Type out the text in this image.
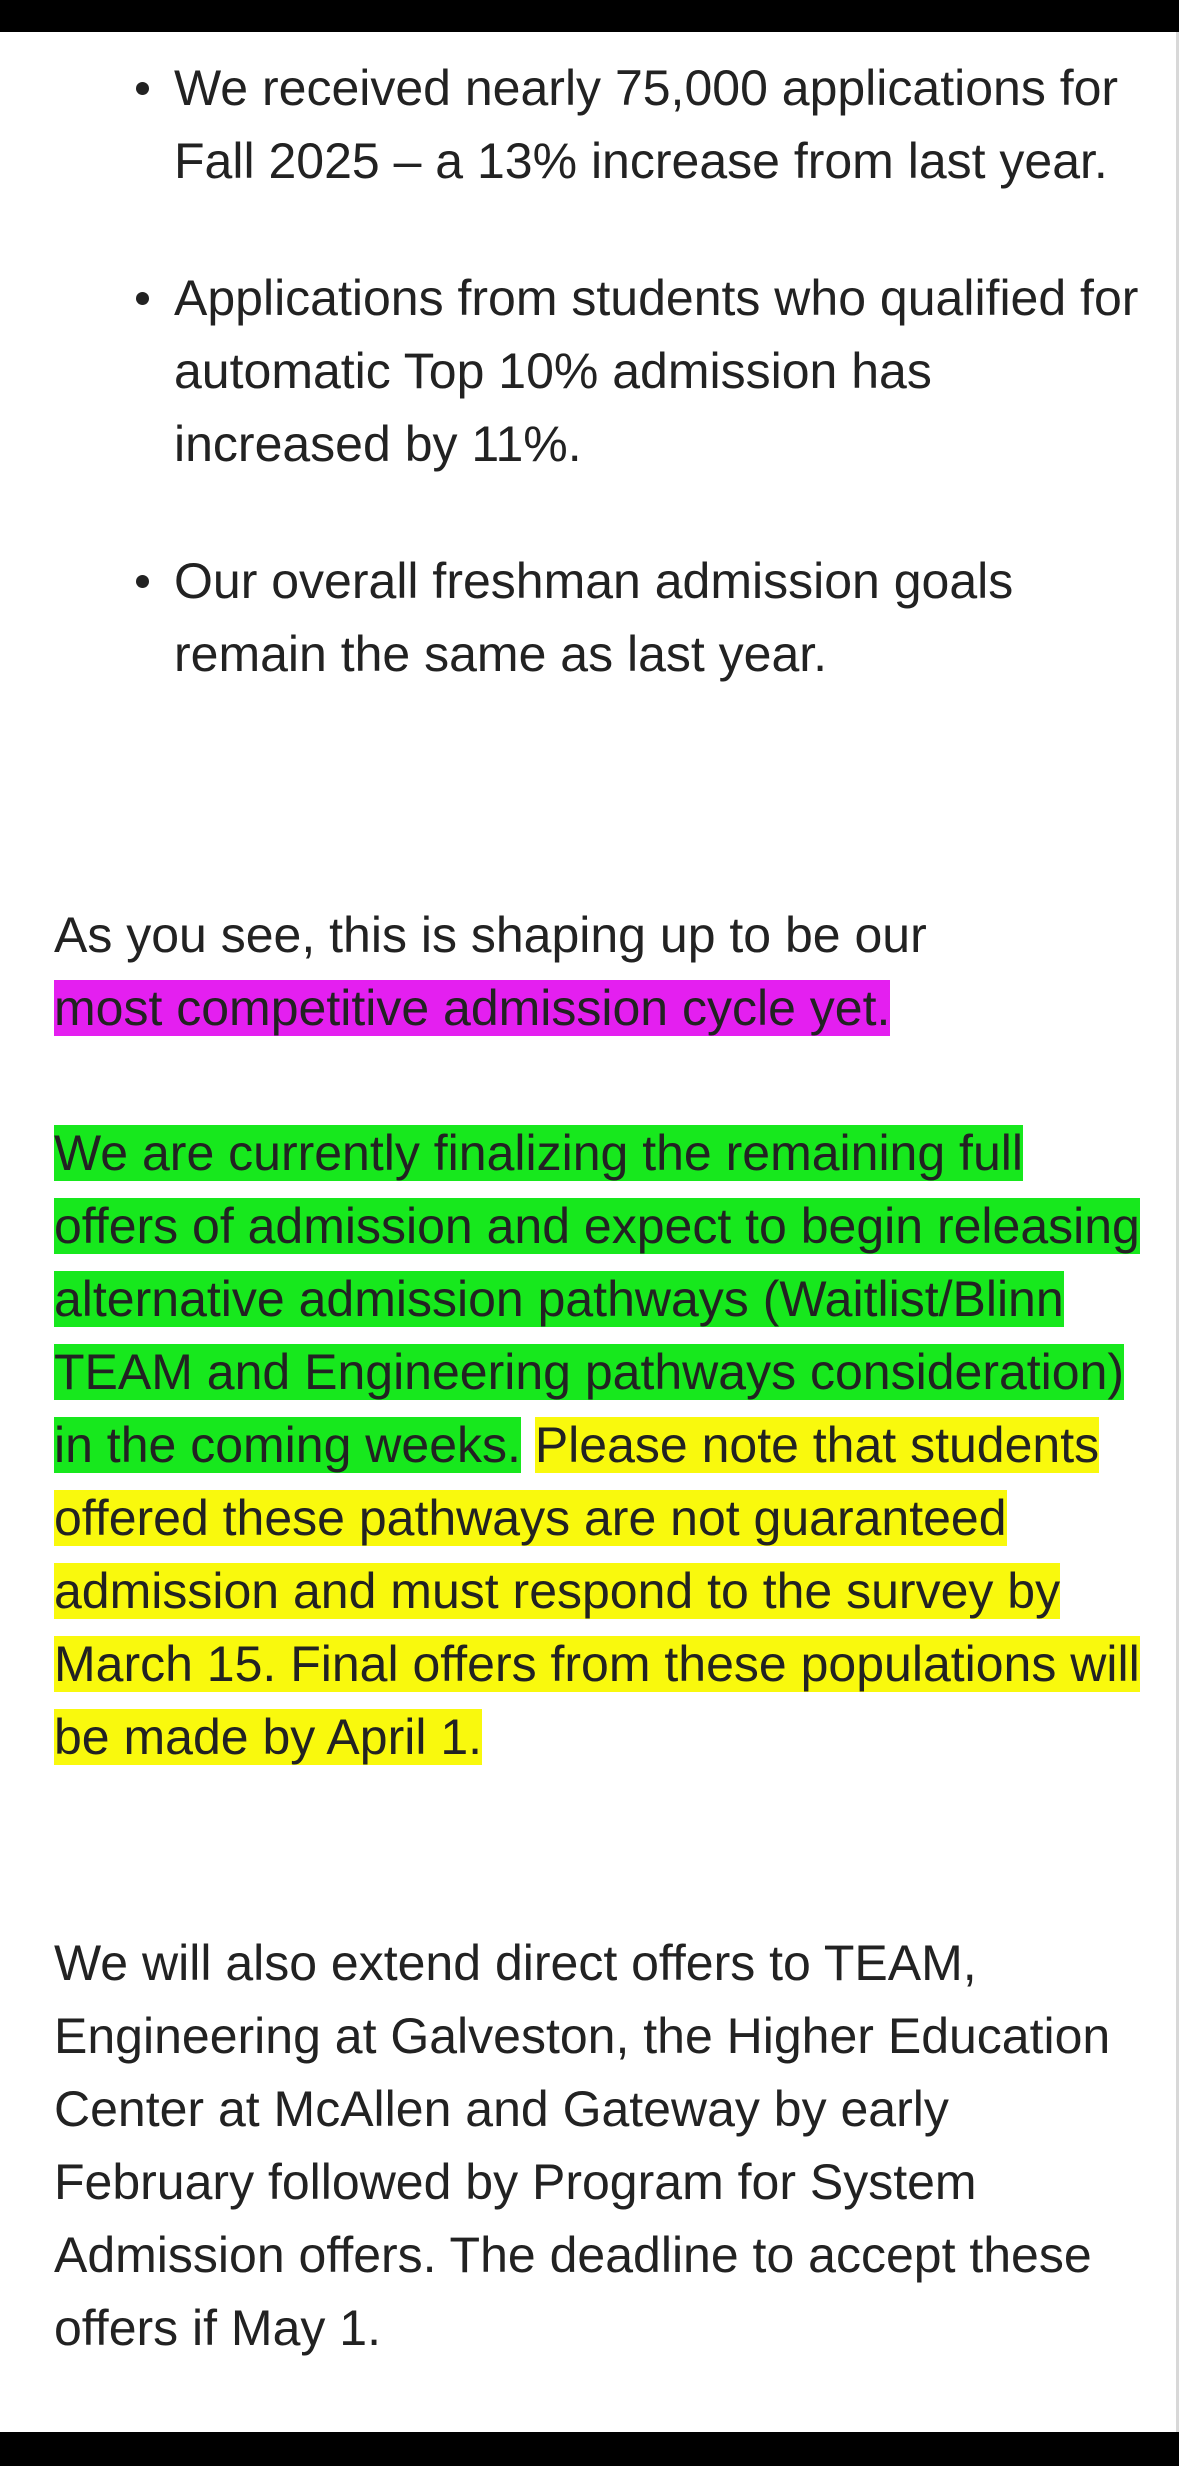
We received nearly 75,000 applications for Fall 2025 – a 13% increase from last year.
Applications from students who qualified for automatic Top 10% admission has increased by 11%.
Our overall freshman admission goals remain the same as last year.

As you see, this is shaping up to be our
most competitive admission cycle yet.

We are currently finalizing the remaining full offers of admission and expect to begin releasing alternative admission pathways (Waitlist/Blinn TEAM and Engineering pathways consideration) in the coming weeks. Please note that students offered these pathways are not guaranteed admission and must respond to the survey by March 15. Final offers from these populations will be made by April 1.

We will also extend direct offers to TEAM, Engineering at Galveston, the Higher Education Center at McAllen and Gateway by early February followed by Program for System Admission offers. The deadline to accept these offers if May 1.
